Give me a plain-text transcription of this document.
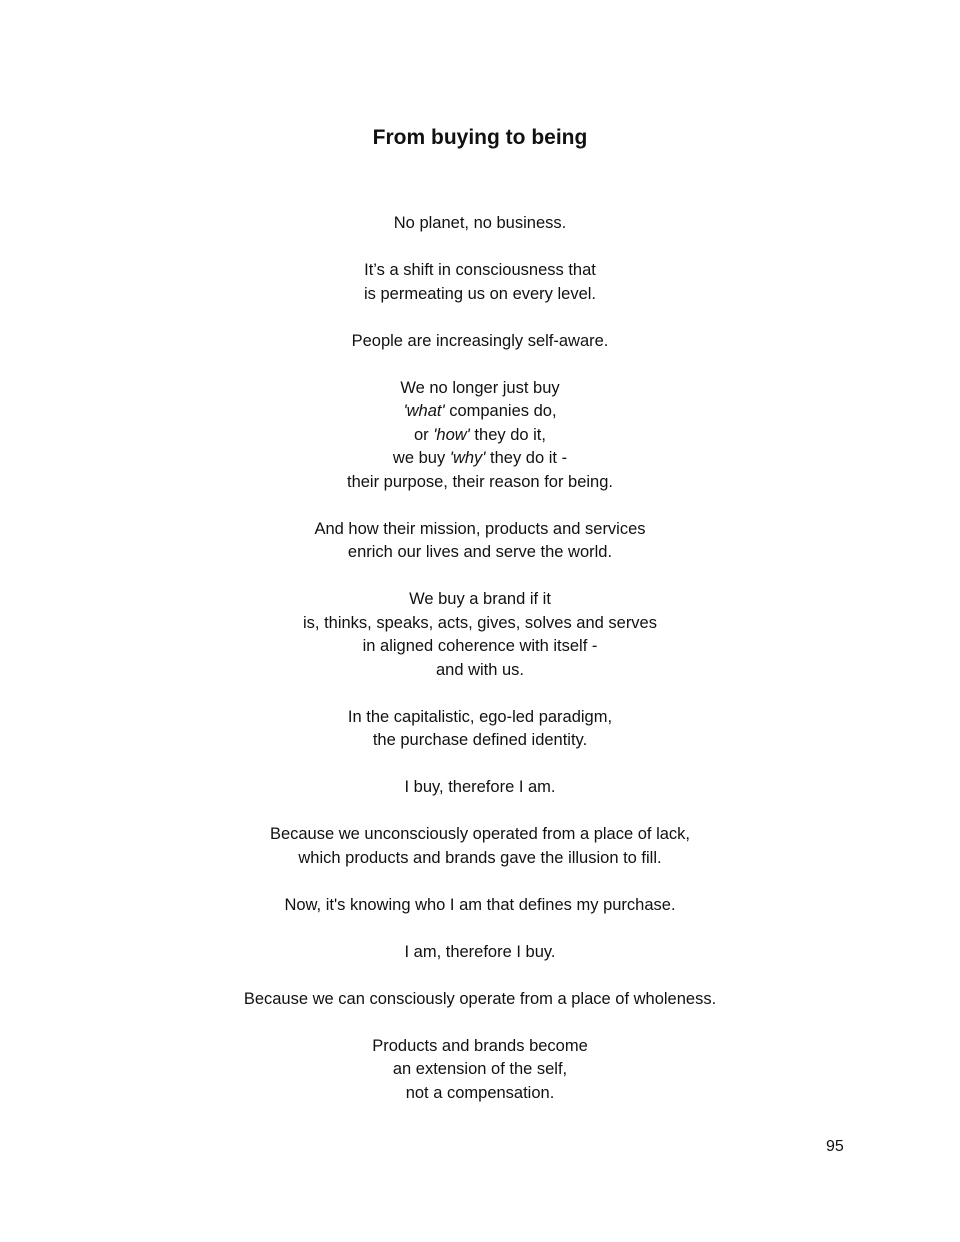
From buying to being

No planet, no business.

It’s a shift in consciousness that
is permeating us on every level.

People are increasingly self-aware.

We no longer just buy
'what' companies do,
or 'how' they do it,
we buy 'why' they do it -
their purpose, their reason for being.

And how their mission, products and services
enrich our lives and serve the world.

We buy a brand if it
is, thinks, speaks, acts, gives, solves and serves
in aligned coherence with itself -
and with us.

In the capitalistic, ego-led paradigm,
the purchase defined identity.

I buy, therefore I am.

Because we unconsciously operated from a place of lack,
which products and brands gave the illusion to fill.

Now, it's knowing who I am that defines my purchase.

I am, therefore I buy.

Because we can consciously operate from a place of wholeness.

Products and brands become
an extension of the self,
not a compensation.

95
